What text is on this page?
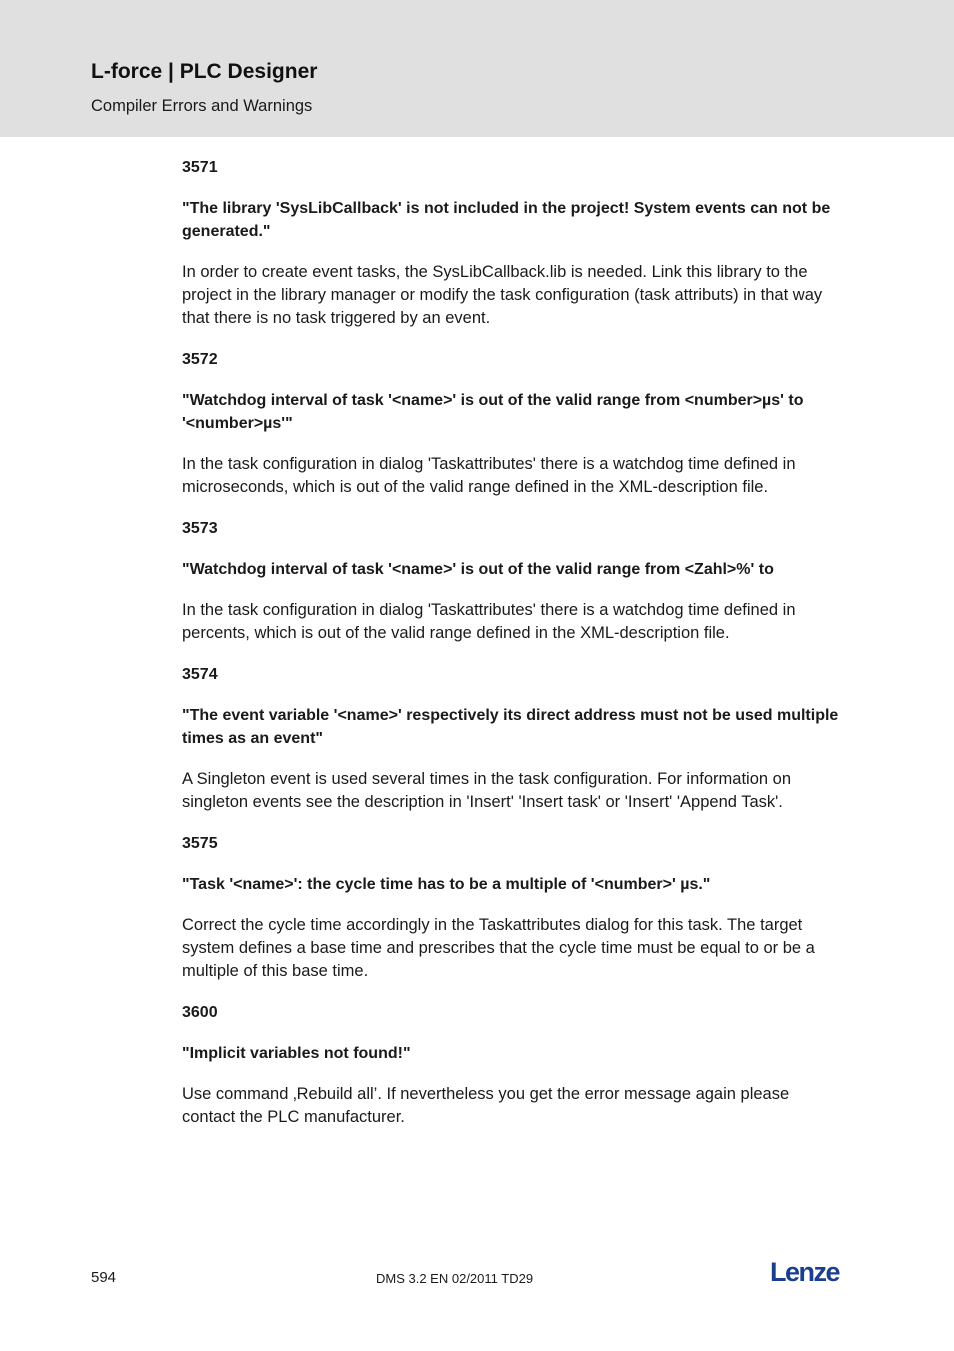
L-force | PLC Designer
Compiler Errors and Warnings
3571
"The library 'SysLibCallback' is not included in the project! System events can not be generated."
In order to create event tasks, the SysLibCallback.lib is needed. Link this library to the project in the library manager or modify the task configuration (task attributs) in that way that there is no task triggered by an event.
3572
"Watchdog interval of task '<name>' is out of the valid range from <number>µs' to '<number>µs'"
In the task configuration in dialog 'Taskattributes' there is a watchdog time defined in microseconds, which is out of the valid range defined in the XML-description file.
3573
"Watchdog interval of task '<name>' is out of the valid range from <Zahl>%' to
In the task configuration in dialog 'Taskattributes' there is a watchdog time defined in percents, which is out of the valid range defined in the XML-description file.
3574
"The event variable '<name>' respectively its direct address must not be used multiple times as an event"
A Singleton event is used several times in the task configuration. For information on singleton events see the description in 'Insert' 'Insert task' or 'Insert' 'Append Task'.
3575
"Task '<name>': the cycle time has to be a multiple of '<number>' µs."
Correct the cycle time accordingly in the Taskattributes dialog for this task. The target system defines a base time and prescribes that the cycle time must be equal to or be a multiple of this base time.
3600
"Implicit variables not found!"
Use command ‚Rebuild all’. If nevertheless you get the error message again please contact the PLC manufacturer.
594	DMS 3.2 EN 02/2011 TD29	Lenze
